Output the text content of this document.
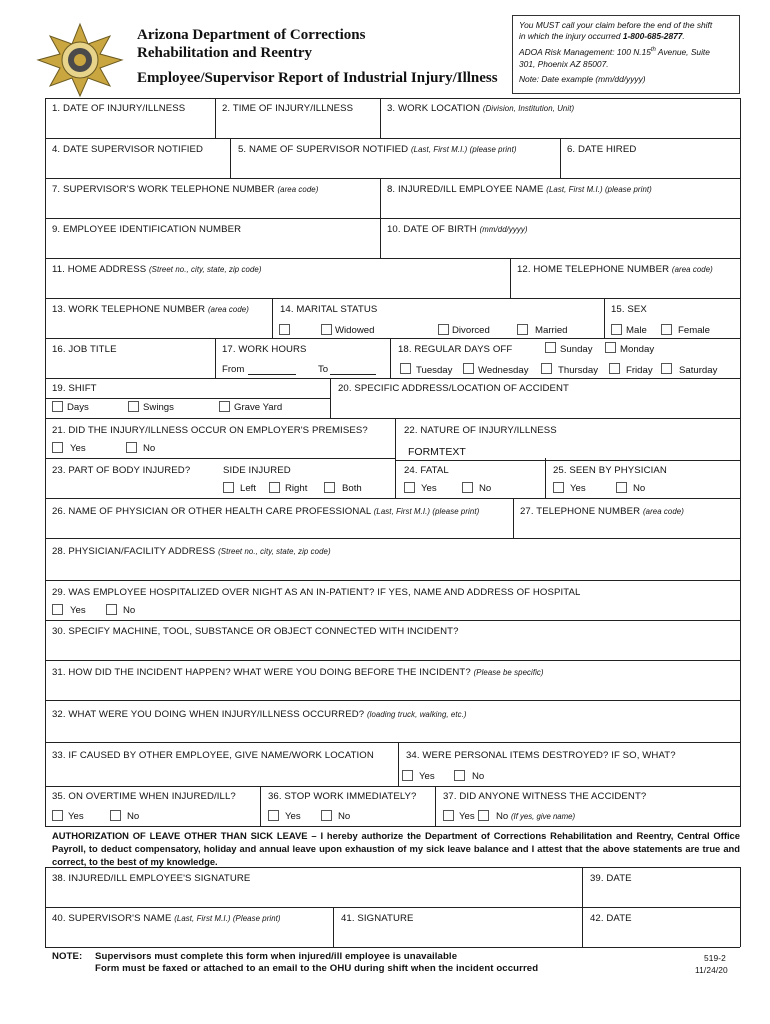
Arizona Department of Corrections
Rehabilitation and Reentry
Employee/Supervisor Report of Industrial Injury/Illness
You MUST call your claim before the end of the shift
in which the injury occurred 1-800-685-2877.
ADOA Risk Management: 100 N.15th Avenue, Suite
301, Phoenix AZ 85007.
Note: Date example (mm/dd/yyyy)
1. DATE OF INJURY/ILLNESS	2. TIME OF INJURY/ILLNESS	3. WORK LOCATION (Division, Institution, Unit)
4. DATE SUPERVISOR NOTIFIED	5. NAME OF SUPERVISOR NOTIFIED (Last, First M.I.) (please print)	6. DATE HIRED
7. SUPERVISOR'S WORK TELEPHONE NUMBER (area code)	8. INJURED/ILL EMPLOYEE NAME (Last, First M.I.) (please print)
9. EMPLOYEE IDENTIFICATION NUMBER	10. DATE OF BIRTH (mm/dd/yyyy)
11. HOME ADDRESS (Street no., city, state, zip code)	12. HOME TELEPHONE NUMBER (area code)
13. WORK TELEPHONE NUMBER (area code)	14. MARITAL STATUS
Widowed	Divorced	Married
15. SEX
Male	Female
16. JOB TITLE	17. WORK HOURS
From	To
18. REGULAR DAYS OFF	Sunday	Monday
Tuesday	Wednesday	Thursday	Friday	Saturday
19. SHIFT
Days	Swings	Grave Yard
20. SPECIFIC ADDRESS/LOCATION OF ACCIDENT
21. DID THE INJURY/ILLNESS OCCUR ON EMPLOYER'S PREMISES?
Yes	No
22. NATURE OF INJURY/ILLNESS
FORMTEXT
23. PART OF BODY INJURED?	SIDE INJURED
Left	Right	Both
24. FATAL
Yes	No
25. SEEN BY PHYSICIAN
Yes	No
26. NAME OF PHYSICIAN OR OTHER HEALTH CARE PROFESSIONAL (Last, First M.I.) (please print)	27. TELEPHONE NUMBER (area code)
28. PHYSICIAN/FACILITY ADDRESS (Street no., city, state, zip code)
29. WAS EMPLOYEE HOSPITALIZED OVER NIGHT AS AN IN-PATIENT? IF YES, NAME AND ADDRESS OF HOSPITAL
Yes	No
30. SPECIFY MACHINE, TOOL, SUBSTANCE OR OBJECT CONNECTED WITH INCIDENT?
31. HOW DID THE INCIDENT HAPPEN? WHAT WERE YOU DOING BEFORE THE INCIDENT? (Please be specific)
32. WHAT WERE YOU DOING WHEN INJURY/ILLNESS OCCURRED? (loading truck, walking, etc.)
33. IF CAUSED BY OTHER EMPLOYEE, GIVE NAME/WORK LOCATION	34. WERE PERSONAL ITEMS DESTROYED? IF SO, WHAT?
Yes	No
35. ON OVERTIME WHEN INJURED/ILL?
Yes	No
36. STOP WORK IMMEDIATELY?
Yes	No
37. DID ANYONE WITNESS THE ACCIDENT?
Yes No (If yes, give name)
AUTHORIZATION OF LEAVE OTHER THAN SICK LEAVE – I hereby authorize the Department of Corrections Rehabilitation and Reentry, Central Office Payroll, to deduct compensatory, holiday and annual leave upon exhaustion of my sick leave balance and I attest that the above statements are true and correct, to the best of my knowledge.
38. INJURED/ILL EMPLOYEE'S SIGNATURE	39. DATE
40. SUPERVISOR'S NAME (Last, First M.I.) (Please print)	41. SIGNATURE	42. DATE
NOTE: Supervisors must complete this form when injured/ill employee is unavailable
Form must be faxed or attached to an email to the OHU during shift when the incident occurred
519-2
11/24/20
